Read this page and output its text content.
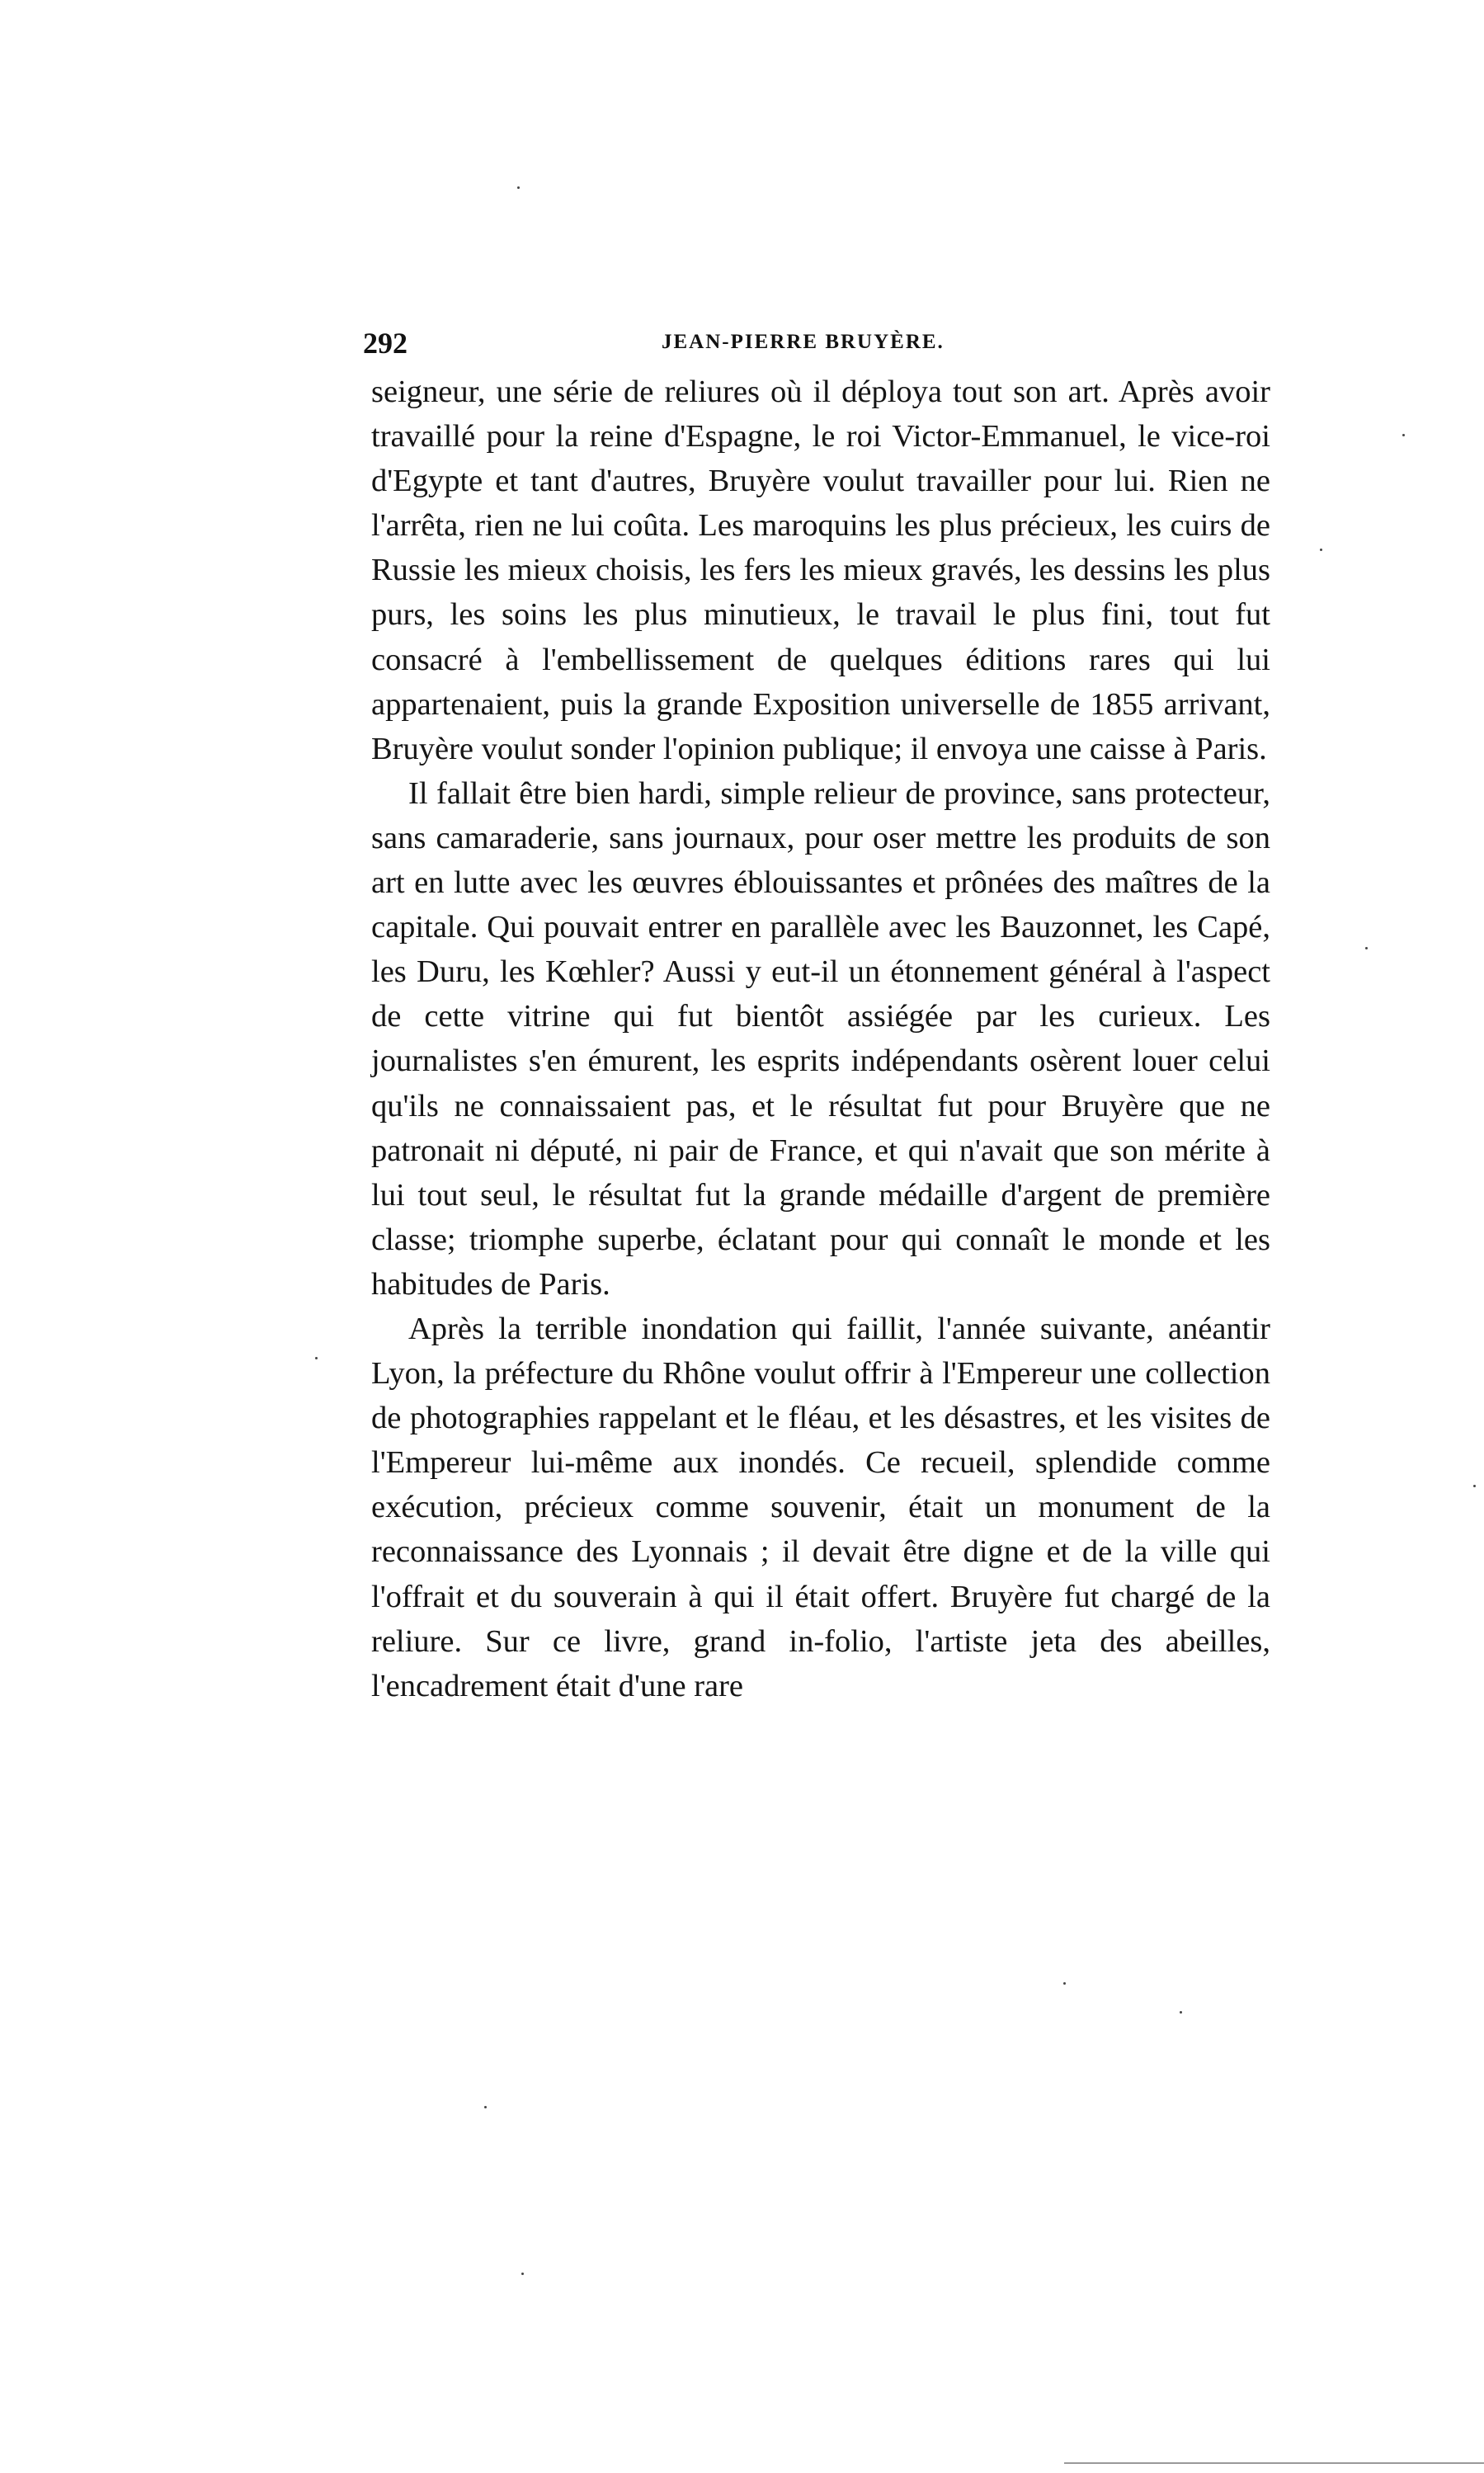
292	JEAN-PIERRE BRUYÈRE.

seigneur, une série de reliures où il déploya tout son art. Après avoir travaillé pour la reine d'Espagne, le roi Victor-Emmanuel, le vice-roi d'Egypte et tant d'autres, Bruyère voulut travailler pour lui. Rien ne l'arrêta, rien ne lui coûta. Les maroquins les plus précieux, les cuirs de Russie les mieux choisis, les fers les mieux gravés, les dessins les plus purs, les soins les plus minutieux, le travail le plus fini, tout fut consacré à l'embellissement de quelques éditions rares qui lui appartenaient, puis la grande Exposition universelle de 1855 arrivant, Bruyère voulut sonder l'opinion publique; il envoya une caisse à Paris.

Il fallait être bien hardi, simple relieur de province, sans protecteur, sans camaraderie, sans journaux, pour oser mettre les produits de son art en lutte avec les œuvres éblouissantes et prônées des maîtres de la capitale. Qui pouvait entrer en parallèle avec les Bauzonnet, les Capé, les Duru, les Kœhler? Aussi y eut-il un étonnement général à l'aspect de cette vitrine qui fut bientôt assiégée par les curieux. Les journalistes s'en émurent, les esprits indépendants osèrent louer celui qu'ils ne connaissaient pas, et le résultat fut pour Bruyère que ne patronait ni député, ni pair de France, et qui n'avait que son mérite à lui tout seul, le résultat fut la grande médaille d'argent de première classe; triomphe superbe, éclatant pour qui connaît le monde et les habitudes de Paris.

Après la terrible inondation qui faillit, l'année suivante, anéantir Lyon, la préfecture du Rhône voulut offrir à l'Empereur une collection de photographies rappelant et le fléau, et les désastres, et les visites de l'Empereur lui-même aux inondés. Ce recueil, splendide comme exécution, précieux comme souvenir, était un monument de la reconnaissance des Lyonnais ; il devait être digne et de la ville qui l'offrait et du souverain à qui il était offert. Bruyère fut chargé de la reliure. Sur ce livre, grand in-folio, l'artiste jeta des abeilles, l'encadrement était d'une rare
